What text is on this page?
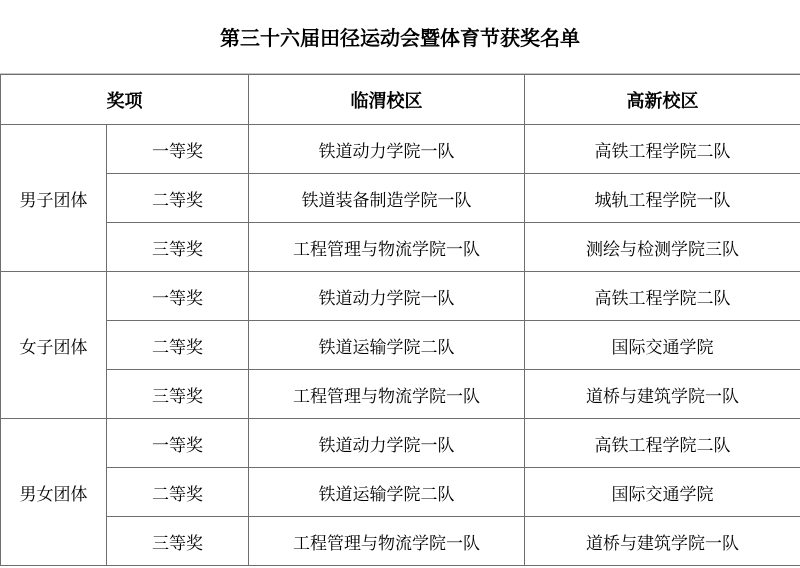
第三十六届田径运动会暨体育节获奖名单
奖项		临渭校区	高新校区
男子团体	一等奖	铁道动力学院一队	高铁工程学院二队
	二等奖	铁道装备制造学院一队	城轨工程学院一队
	三等奖	工程管理与物流学院一队	测绘与检测学院三队
女子团体	一等奖	铁道动力学院一队	高铁工程学院二队
	二等奖	铁道运输学院二队	国际交通学院
	三等奖	工程管理与物流学院一队	道桥与建筑学院一队
男女团体	一等奖	铁道动力学院一队	高铁工程学院二队
	二等奖	铁道运输学院二队	国际交通学院
	三等奖	工程管理与物流学院一队	道桥与建筑学院一队
